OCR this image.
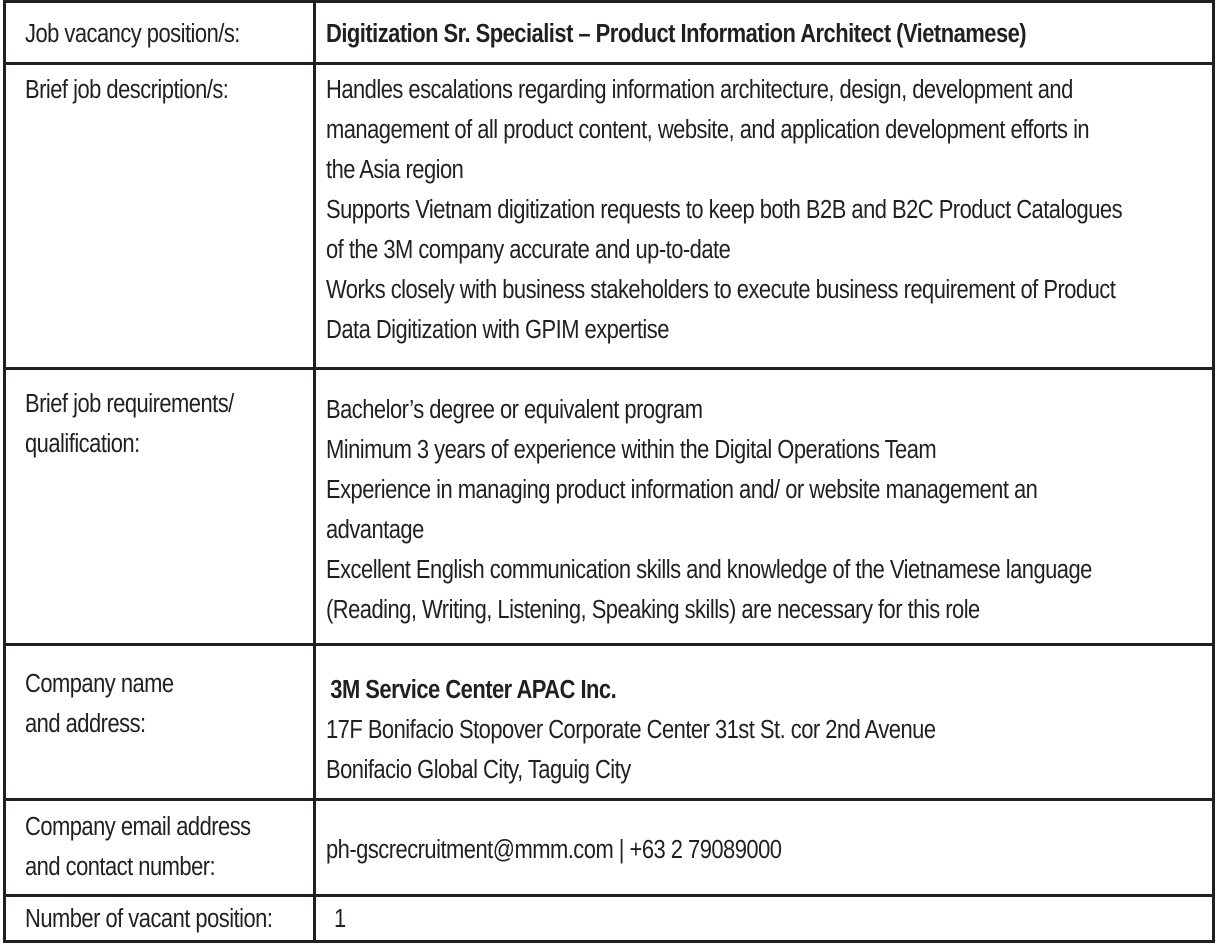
Job vacancy position/s:	Digitization Sr. Specialist – Product Information Architect (Vietnamese)
Brief job description/s:	Handles escalations regarding information architecture, design, development and
management of all product content, website, and application development efforts in
the Asia region
Supports Vietnam digitization requests to keep both B2B and B2C Product Catalogues
of the 3M company accurate and up-to-date
Works closely with business stakeholders to execute business requirement of Product
Data Digitization with GPIM expertise
Brief job requirements/
qualification:
Bachelor’s degree or equivalent program
Minimum 3 years of experience within the Digital Operations Team
Experience in managing product information and/ or website management an
advantage
Excellent English communication skills and knowledge of the Vietnamese language
(Reading, Writing, Listening, Speaking skills) are necessary for this role
Company name
and address:
3M Service Center APAC Inc.
17F Bonifacio Stopover Corporate Center 31st St. cor 2nd Avenue
Bonifacio Global City, Taguig City
Company email address
and contact number:
ph-gscrecruitment@mmm.com | +63 2 79089000
Number of vacant position: 1
